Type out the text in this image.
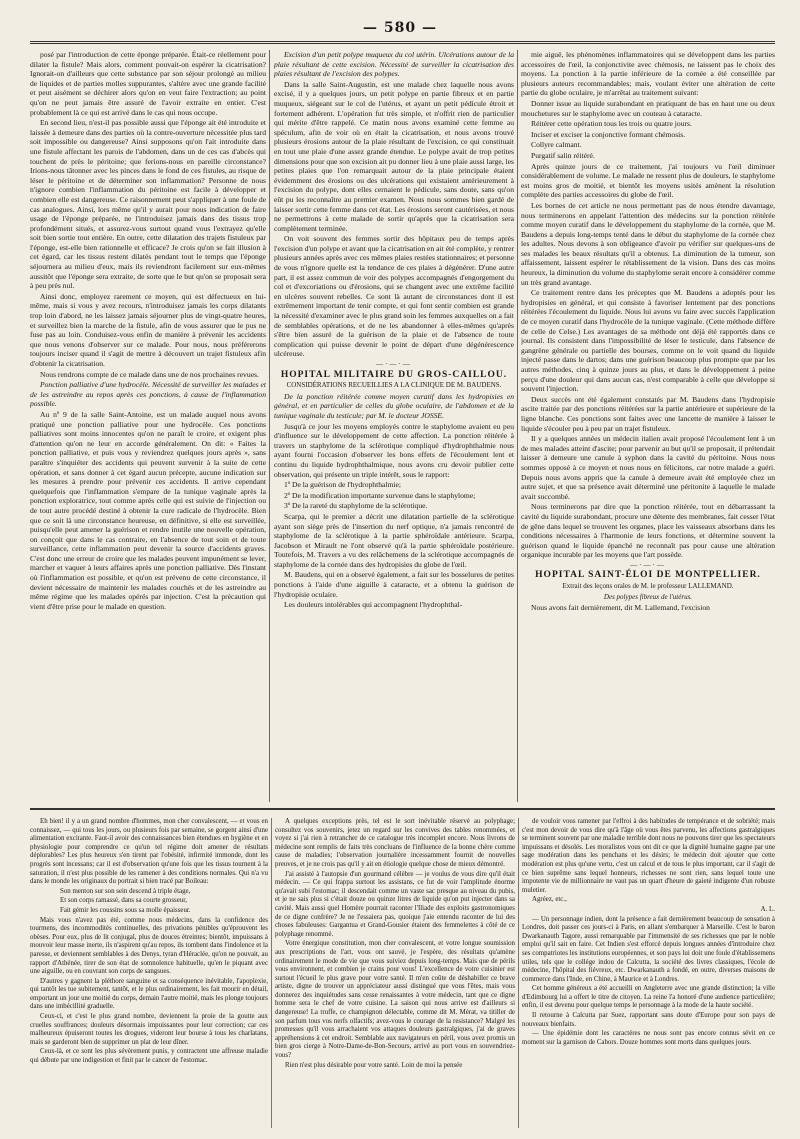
— 580 —

posé par l'introduction de cette éponge préparée. Était-ce réellement pour dilater la fistule? Mais alors, comment pouvait-on espérer la cicatrisation? Ignorait-on d'ailleurs que cette substance par son séjour prolongé au milieu de liquides et de parties molles suppurantes, s'altère avec une grande facilité et peut aisément se déchirer alors qu'on en veut faire l'extraction; au point qu'on ne peut jamais être assuré de l'avoir extraite en entier. C'est probablement là ce qui est arrivé dans le cas qui nous occupe.

En second lieu, n'est-il pas possible aussi que l'éponge ait été introduite et laissée à demeure dans des parties où la contre-ouverture nécessitée plus tard soit impossible ou dangereuse? Ainsi supposons qu'on l'ait introduite dans une fistule affectant les parois de l'abdomen, dans un de ces cas d'abcès qui touchent de près le péritoine; que ferions-nous en pareille circonstance? Irions-nous tâtonner avec les pinces dans le fond de ces fistules, au risque de léser le péritoine et de déterminer son inflammation? Personne de nous n'ignore combien l'inflammation du péritoine est facile à développer et combien elle est dangereuse. Ce raisonnement peut s'appliquer à une foule de cas analogues. Ainsi, lors même qu'il y aurait pour nous indication de faire usage de l'éponge préparée, ne l'introduisez jamais dans des tissus trop profondément situés, et assurez-vous surtout quand vous l'extrayez qu'elle soit bien sortie tout entière. En outre, cette dilatation des trajets fistuleux par l'éponge, est-elle bien rationnelle et efficace? Je crois qu'on se fait illusion à cet égard, car les tissus restent dilatés pendant tout le temps que l'éponge séjournera au milieu d'eux, mais ils reviendront facilement sur eux-mêmes aussitôt que l'éponge sera extraite, de sorte que le but qu'on se proposait sera à peu près nul.

Ainsi donc, employez rarement ce moyen, qui est défectueux en lui-même, mais si vous y avez recours, n'introduisez jamais les corps dilatants trop loin d'abord, ne les laissez jamais séjourner plus de vingt-quatre heures, et surveillez bien la marche de la fistule, afin de vous assurer que le pus ne fuse pas au loin. Conduisez-vous enfin de manière à prévenir les accidents que nous venons d'observer sur ce malade. Pour nous, nous préférerons toujours inciser quand il s'agit de mettre à découvert un trajet fistuleux afin d'obtenir la cicatrisation.

Nous rendrons compte de ce malade dans une de nos prochaines revues.

Ponction palliative d'une hydrocèle. Nécessité de surveiller les malades et de les astreindre au repos après ces ponctions, à cause de l'inflammation possible.

Au nº 9 de la salle Saint-Antoine, est un malade auquel nous avons pratiqué une ponction palliative pour une hydrocèle. Ces ponctions palliatives sont moins innocentes qu'on ne paraît le croire, et exigent plus d'attention qu'on ne leur en accorde généralement. On dit: « Faites la ponction palliative, et puis vous y reviendrez quelques jours après », sans paraître s'inquiéter des accidents qui peuvent survenir à la suite de cette opération, et sans donner à cet égard aucun précepte, aucune indication sur les mesures à prendre pour prévenir ces accidents. Il arrive cependant quelquefois que l'inflammation s'empare de la tunique vaginale après la ponction exploratrice, tout comme après celle qui est suivie de l'injection ou de tout autre procédé destiné à obtenir la cure radicale de l'hydrocèle. Bien que ce soit là une circonstance heureuse, en définitive, si elle est surveillée, puisqu'elle peut amener la guérison et rendre inutile une nouvelle opération, on conçoit que dans le cas contraire, en l'absence de tout soin et de toute surveillance, cette inflammation peut devenir la source d'accidents graves. C'est donc une erreur de croire que les malades peuvent impunément se lever, marcher et vaquer à leurs affaires après une ponction palliative. Dès l'instant où l'inflammation est possible, et qu'on est prévenu de cette circonstance, il devient nécessaire de maintenir les malades couchés et de les astreindre au même régime que les malades opérés par injection. C'est la précaution qui vient d'être prise pour le malade en question.

Excision d'un petit polype muqueux du col utérin. Ulcérations autour de la plaie résultant de cette excision. Nécessité de surveiller la cicatrisation des plaies résultant de l'excision des polypes.

Dans la salle Saint-Augustin, est une malade chez laquelle nous avons excisé, il y a quelques jours, un petit polype en partie fibreux et en partie muqueux, siégeant sur le col de l'utérus, et ayant un petit pédicule étroit et fortement adhérent. L'opération fut très simple, et n'offrit rien de particulier qui mérite d'être rappelé. Ce matin nous avons examiné cette femme au spéculum, afin de voir où en était la cicatrisation, et nous avons trouvé plusieurs érosions autour de la plaie résultant de l'excision, ce qui constituait en tout une plaie d'une assez grande étendue. Le polype avait de trop petites dimensions pour que son excision ait pu donner lieu à une plaie aussi large, les petites plaies que l'on remarquait autour de la plaie principale étaient évidemment des érosions ou des ulcérations qui existaient antérieurement à l'excision du polype, dont elles cernaient le pédicule, sans doute, sans qu'on eût pu les reconnaître au premier examen. Nous nous sommes bien gardé de laisser sortir cette femme dans cet état. Les érosions seront cautérisées, et nous ne permettrons à cette malade de sortir qu'après que la cicatrisation sera complètement terminée.

On voit souvent des femmes sortir des hôpitaux peu de temps après l'excision d'un polype et avant que la cicatrisation en ait été complète, y rentrer plusieurs années après avec ces mêmes plaies restées stationnaires; et personne de vous n'ignore quelle est la tendance de ces plaies à dégénérer. D'une autre part, il est assez commun de voir des polypes accompagnés d'engorgement du col et d'excoriations ou d'érosions, qui se changent avec une extrême facilité en ulcères souvent rebelles. Ce sont là autant de circonstances dont il est extrêmement important de tenir compte, et qui font sentir combien est grande la nécessité d'examiner avec le plus grand soin les femmes auxquelles on a fait de semblables opérations, et de ne les abandonner à elles-mêmes qu'après s'être bien assuré de la guérison de la plaie et de l'absence de toute complication qui puisse devenir le point de départ d'une dégénérescence ulcéreuse.

—·—·—

HOPITAL MILITAIRE DU GROS-CAILLOU.

CONSIDÉRATIONS RECUEILLIES A LA CLINIQUE DE M. BAUDENS.

De la ponction réitérée comme moyen curatif dans les hydropisies en général, et en particulier de celles du globe oculaire, de l'abdomen et de la tunique vaginale du testicule; par M. le docteur JOSSE.

Jusqu'à ce jour les moyens employés contre le staphylome avaient eu peu d'influence sur le développement de cette affection. La ponction réitérée à travers un staphylome de la sclérotique compliqué d'hydrophthalmie nous ayant fourni l'occasion d'observer les bons effets de l'écoulement lent et continu du liquide hydrophthalmique, nous avons cru devoir publier cette observation, qui présente un triple intérêt, sous le rapport:

1º De la guérison de l'hydrophthalmie;

2º De la modification importante survenue dans le staphylome;

3º De la rareté du staphylome de la sclérotique.

Scarpa, qui le premier a décrit une dilatation partielle de la sclérotique ayant son siège près de l'insertion du nerf optique, n'a jamais rencontré de staphylome de la sclérotique à la partie sphéroïdale antérieure. Scarpa, Jacobson et Mirault ne l'ont observé qu'à la partie sphéroïdale postérieure. Toutefois, M. Travers a vu des relâchemens de la sclérotique accompagnés de staphylome de la cornée dans des hydropisies du globe de l'œil.

M. Baudens, qui en a observé également, a fait sur les bosselures de petites ponctions à l'aide d'une aiguille à cataracte, et a obtenu la guérison de l'hydropisie oculaire.

Les douleurs intolérables qui accompagnent l'hydrophthal-

mie aiguë, les phénomènes inflammatoires qui se développent dans les parties accessoires de l'œil, la conjonctivite avec chémosis, ne laissent pas le choix des moyens. La ponction à la partie inférieure de la cornée a été conseillée par plusieurs auteurs recommandables; mais, voulant éviter une altération de cette partie du globe oculaire, je m'arrêtai au traitement suivant:

Donner issue au liquide surabondant en pratiquant de bas en haut une ou deux mouchetures sur le staphylome avec un couteau à cataracte.

Réitérer cette opération tous les trois ou quatre jours.

Inciser et exciser la conjonctive formant chémosis.

Collyre calmant.

Purgatif salin réitéré.

Après quinze jours de ce traitement, j'ai toujours vu l'œil diminuer considérablement de volume. Le malade ne ressent plus de douleurs, le staphylome est moins gros de moitié, et bientôt les moyens usités amènent la résolution complète des parties accessoires du globe de l'œil.

Les bornes de cet article ne nous permettant pas de nous étendre davantage, nous terminerons en appelant l'attention des médecins sur la ponction réitérée comme moyen curatif dans le développement du staphylome de la cornée, que M. Baudens a depuis long-temps tenté dans le début du staphylome de la cornée chez les adultes. Nous devons à son obligeance d'avoir pu vérifier sur quelques-uns de ses malades les beaux résultats qu'il a obtenus. La diminution de la tumeur, son affaissement, laissent espérer le rétablissement de la vision. Dans des cas moins heureux, la diminution du volume du staphylome serait encore à considérer comme un très grand avantage.

Ce traitement rentre dans les préceptes que M. Baudens a adoptés pour les hydropisies en général, et qui consiste à favoriser lentement par des ponctions réitérées l'écoulement du liquide. Nous lui avons vu faire avec succès l'application de ce moyen curatif dans l'hydrocèle de la tunique vaginale. (Cette méthode diffère de celle de Celse.) Les avantages de sa méthode ont déjà été rapportés dans ce journal. Ils consistent dans l'impossibilité de léser le testicule, dans l'absence de gangrène générale ou partielle des bourses, comme on le voit quand du liquide injecté passe dans le dartos; dans une guérison beaucoup plus prompte que par les autres méthodes, cinq à quinze jours au plus, et dans le développement à peine perçu d'une douleur qui dans aucun cas, n'est comparable à celle que développe si souvent l'injection.

Deux succès ont été également constatés par M. Baudens dans l'hydropisie ascite traitée par des ponctions réitérées sur la partie antérieure et supérieure de la ligne blanche. Ces ponctions sont faites avec une lancette de manière à laisser le liquide s'écouler peu à peu par un trajet fistuleux.

Il y a quelques années un médecin italien avait proposé l'écoulement lent à un de mes malades atteint d'ascite; pour parvenir au but qu'il se proposait, il prétendait laisser à demeure une canule à syphon dans la cavité du péritoine. Nous nous sommes opposé à ce moyen et nous nous en félicitons, car notre malade a guéri. Depuis nous avons appris que la canule à demeure avait été employée chez un autre sujet, et que sa présence avait déterminé une péritonite à laquelle le malade avait succombé.

Nous terminerons par dire que la ponction réitérée, tout en débarrassant la cavité du liquide surabondant, procure une détente des membranes, fait cesser l'état de gêne dans lequel se trouvent les organes, place les vaisseaux absorbans dans les conditions nécessaires à l'harmonie de leurs fonctions, et détermine souvent la guérison quand le liquide épanché ne reconnaît pas pour cause une altération organique incurable par les moyens que l'art possède.

—·—·—

HOPITAL SAINT-ÉLOI DE MONTPELLIER.

Extrait des leçons orales de M. le professeur LALLEMAND.

Des polypes fibreux de l'utérus.

Nous avons fait dernièrement, dit M. Lallemand, l'excision

Eh bien! il y a un grand nombre d'hommes, mon cher convalescent, — et vous en connaissez, — qui tous les jours, ou plusieurs fois par semaine, se gorgent ainsi d'une alimentation excitante. Faut-il avoir des connaissances bien étendues en hygiène et en physiologie pour comprendre ce qu'un tel régime doit amener de résultats déplorables? Les plus heureux s'en tirent par l'obésité, infirmité immonde, dont les progrès sont incessans; car il est d'observation qu'une fois que les tissus tournent à la saturation, il n'est plus possible de les ramener à des conditions normales. Qui n'a vu dans le monde les originaux du portrait si bien tracé par Boileau:

Son menton sur son sein descend à triple étage,

Et son corps ramassé, dans sa courte grosseur,

Fait gémir les coussins sous sa molle épaisseur.

Mais vous n'avez pas été, comme nous médecins, dans la confidence des tourmens, des incommodités continuelles, des privations pénibles qu'éprouvent les obèses. Pour eux, plus de lit conjugal, plus de douces étreintes; bientôt, impuissans à mouvoir leur masse inerte, ils n'aspirent qu'au repos, ils tombent dans l'indolence et la paresse, et deviennent semblables à des Denys, tyran d'Héraclée, qu'on ne pouvait, au rapport d'Athénée, tirer de son état de somnolence habituelle, qu'en le piquant avec une aiguille, ou en couvrant son corps de sangsues.

D'autres y gagnent la pléthore sanguine et sa conséquence inévitable, l'apoplexie, qui tantôt les tue subitement, tantôt, et le plus ordinairement, les fait mourir en détail, emportant un jour une moitié du corps, demain l'autre moitié, mais les plonge toujours dans une imbécillité graduelle.

Ceux-ci, et c'est le plus grand nombre, deviennent la proie de la goutte aux cruelles souffrances; douleurs désormais impuissantes pour leur correction; car ces malheureux épuiseront toutes les drogues, videront leur bourse à tous les charlatans, mais se garderont bien de supprimer un plat de leur dîner.

Ceux-là, et ce sont les plus sévèrement punis, y contractent une affreuse maladie qui débute par une indigestion et finit par le cancer de l'estomac.

A quelques exceptions près, tel est le sort inévitable réservé au polyphage; consultez vos souvenirs, jetez un regard sur les convives des tables renommées, et voyez si j'ai rien à retrancher de ce catalogue très incomplet encore. Nous livrons de médecine sont remplis de faits très concluans de l'influence de la bonne chère comme cause de maladies; l'observation journalière incessamment fournit de nouvelles preuves, et je ne crois pas qu'il y ait en étiologie quelque chose de mieux démontré.

J'ai assisté à l'autopsie d'un gourmand célèbre — je voulus de vous dire qu'il était médecin. — Ce qui frappa surtout les assistans, ce fut de voir l'amplitude énorme qu'avait subi l'estomac; il descendait comme un vaste sac presque au niveau du pubis, et je ne sais plus si c'était douze ou quinze litres de liquide qu'on put injecter dans sa cavité. Mais aussi quel Homère pourrait raconter l'Iliade des exploits gastronomiques de ce digne confrère? Je ne l'essaiera pas, quoique j'aie entendu raconter de lui des choses fabuleuses: Gargantua et Grand-Gousier étaient des femmelettes à côté de ce polyphage renommé.

Votre énergique constitution, mon cher convalescent, et votre longue soumission aux prescriptions de l'art, vous ont sauvé, je l'espère, des résultats qu'amène ordinairement le mode de vie que vous suiviez depuis long-temps. Mais que de périls vous environnent, et combien je crains pour vous! L'excellence de votre cuisinier est surtout l'écueil le plus grave pour votre santé. Il m'en coûte de déshabiller ce brave artiste, digne de trouver un appréciateur aussi distingué que vous l'êtes, mais vous donnerez des inquiétudes sans cesse renaissantes à votre médecin, tant que ce digne homme sera le chef de votre cuisine. La saison qui nous arrive est d'ailleurs si dangereuse! La truffe, ce champignon délectable, comme dit M. Mérat, va titiller de son parfum tous vos nerfs olfactifs; avez-vous le courage de la resistance? Malgré les promesses qu'il vous arrachaient vos attaques douleurs gastralgiques, j'ai de graves appréhensions à cet endroit. Semblable aux navigateurs en péril, vous avez promis un bien gros cierge à Notre-Dame-de-Bon-Secours, arrivé au port vous en souvendriez-vous?

Rien n'est plus désirable pour votre santé. Loin de moi la pensée

de vouloir vous ramener par l'effroi à des habitudes de tempérance et de sobriété; mais c'est mon devoir de vous dire qu'à l'âge où vous êtes parvenu, les affections gastralgiques se terminent souvent par une maladie terrible dont nous ne pouvons tirer que les spectateurs impuissans et désolés. Les moralistes vous ont dit ce que la dignité humaine gagne par une sage modération dans les penchans et les désirs; le médecin doit ajouter que cette modération est plus qu'une vertu, c'est un calcul et de tous le plus important, car il s'agit de ce bien suprême sans lequel honneurs, richesses ne sont rien, sans lequel toute une impotente vie de millionnaire ne vaut pas un quart d'heure de gaieté indigente d'un robuste muletier.

Agréez, etc.,

A. L.

— Un personnage indien, dont la présence a fait dernièrement beaucoup de sensation à Londres, doit passer ces jours-ci à Paris, en allant s'embarquer à Marseille. C'est le baron Dwarkanauth Tagore, aussi remarquable par l'immensité de ses richesses que par le noble emploi qu'il sait en faire. Cet Indien s'est efforcé depuis longues années d'introduire chez ses compatriotes les institutions européennes, et son pays lui doit une foule d'établissemens utiles, tels que le collége indou de Calcutta, la société des livres classiques, l'école de médecine, l'hôpital des fiévreux, etc. Dwarkanauth a fondé, en outre, diverses maisons de commerce dans l'Inde, en Chine, à Maurice et à Londres.

Cet homme généreux a été accueilli en Angleterre avec une grande distinction; la ville d'Edimbourg lui a offert le titre de citoyen. La reine l'a honoré d'une audience particulière; enfin, il est devenu pour quelque temps le personnage à la mode de la haute société.

Il retourne à Calcutta par Suez, rapportant sans doute d'Europe pour son pays de nouveaux bienfaits.

— Une épidémie dont les caractères ne nous sont pas encore connus sévit en ce moment sur la garnison de Cahors. Douze hommes sont morts dans quelques jours.
